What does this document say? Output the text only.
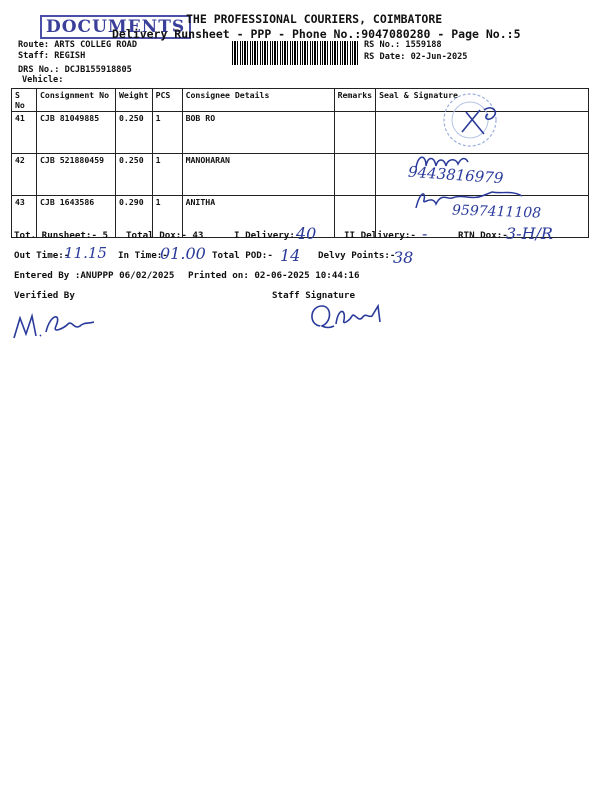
DOCUMENTS THE PROFESSIONAL COURIERS, COIMBATORE
Delivery Runsheet - PPP - Phone No.:9047080280 - Page No.:5
Route: ARTS COLLEG ROAD
Staff: REGISH
DRS No.: DCJB155918805
Vehicle:
RS No.: 1559188
RS Date: 02-Jun-2025
S No	Consignment No	Weight	PCS	Consignee Details	Remarks	Seal & Signature
41	CJB 81049885	0.250	1	BOB RO		
42	CJB 521880459	0.250	1	MANOHARAN		
43	CJB 1643586	0.290	1	ANITHA		
9443816979
9597411108
Tot. Runsheet:- 5 Total Dox:- 43	I Delivery:-
40	II Delivery:- -	RTN Dox:-
3-H/R
Out Time:-
11.15 In Time:-
01.00 Total POD:- 14 Delvy Points:-
38
Entered By :ANUPPP 06/02/2025 Printed on: 02-06-2025 10:44:16
Verified By	Staff Signature
